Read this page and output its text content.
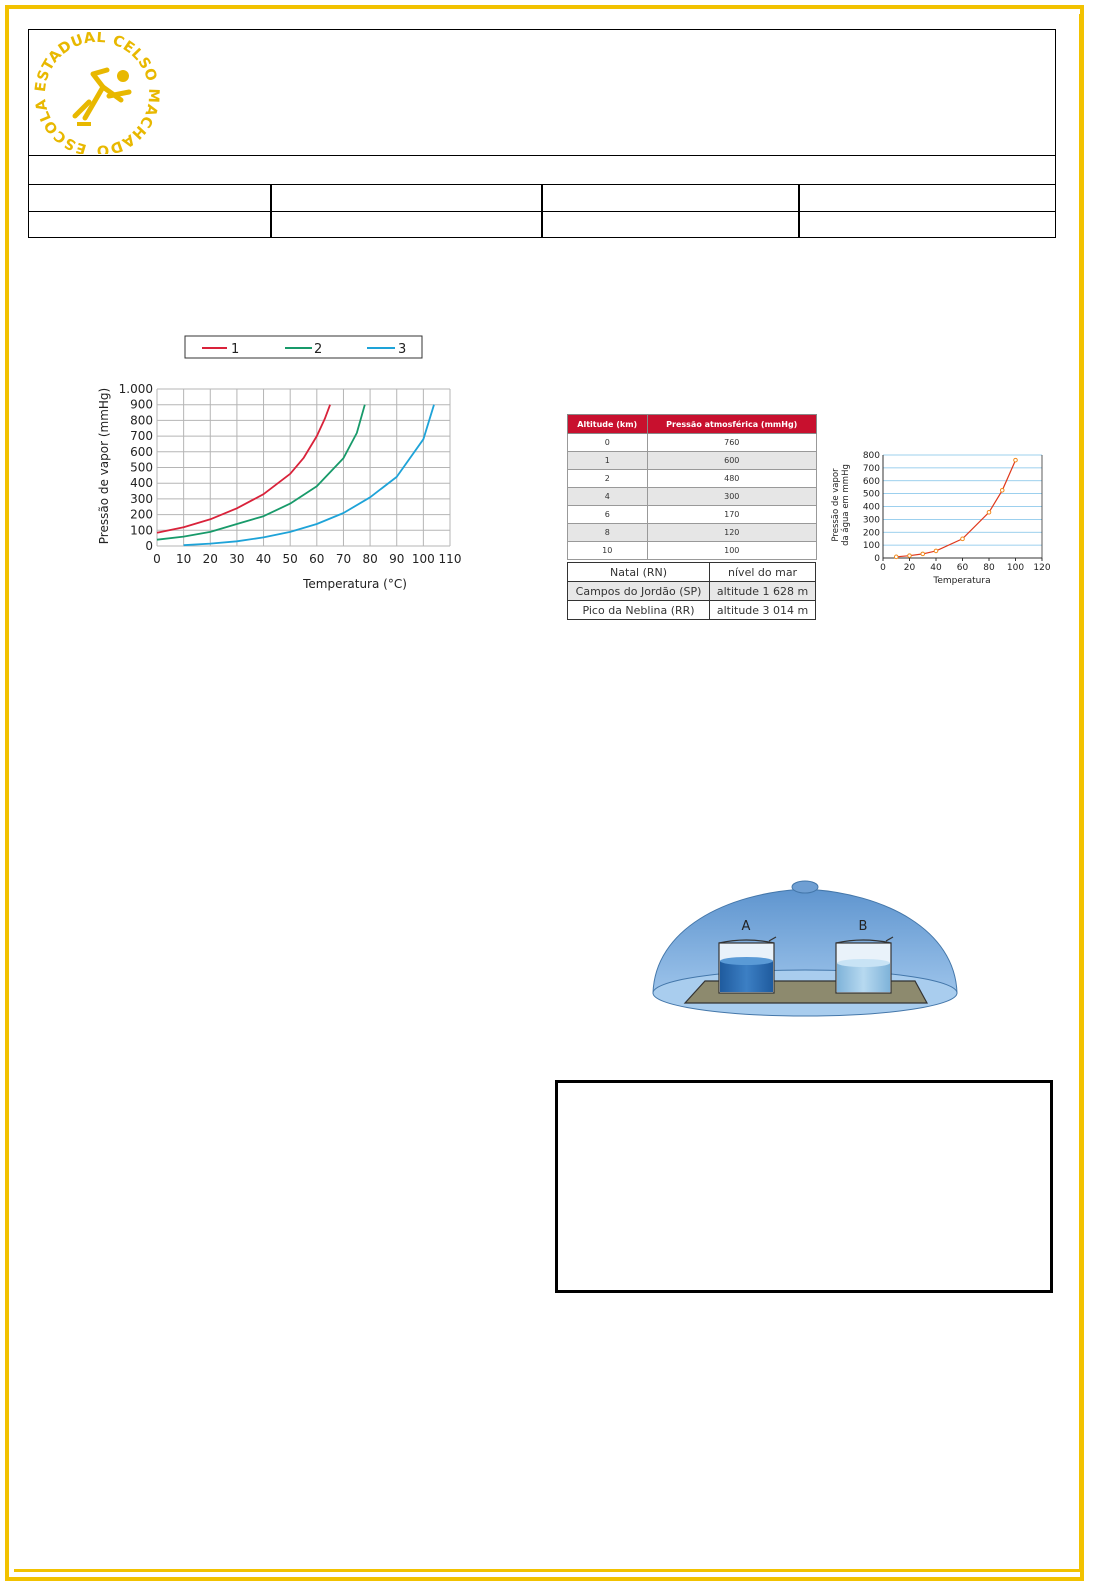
ESCOLA ESTADUAL CELSO MACHADO
1	2	3
0
100
200
300
400
500
600
700
800
900
1.000
0 10 20 30 40 50 60 70 80 90 100 110
Temperatura (°C)
Pressão de vapor (mmHg)	Altitude (km)	Pressão atmosférica (mmHg)
0	760
1	600
2	480
4	300
6	170
8	120
10	100
Natal (RN)	nível do mar
Campos do Jordão (SP)	altitude 1 628 m
Pico da Neblina (RR)	altitude 3 014 m
0
100
200
300
400
500
600
700
800
0 20 40 60 80 100 120
Temperatura
Pressão de vapor da água em mmHg
A	B
